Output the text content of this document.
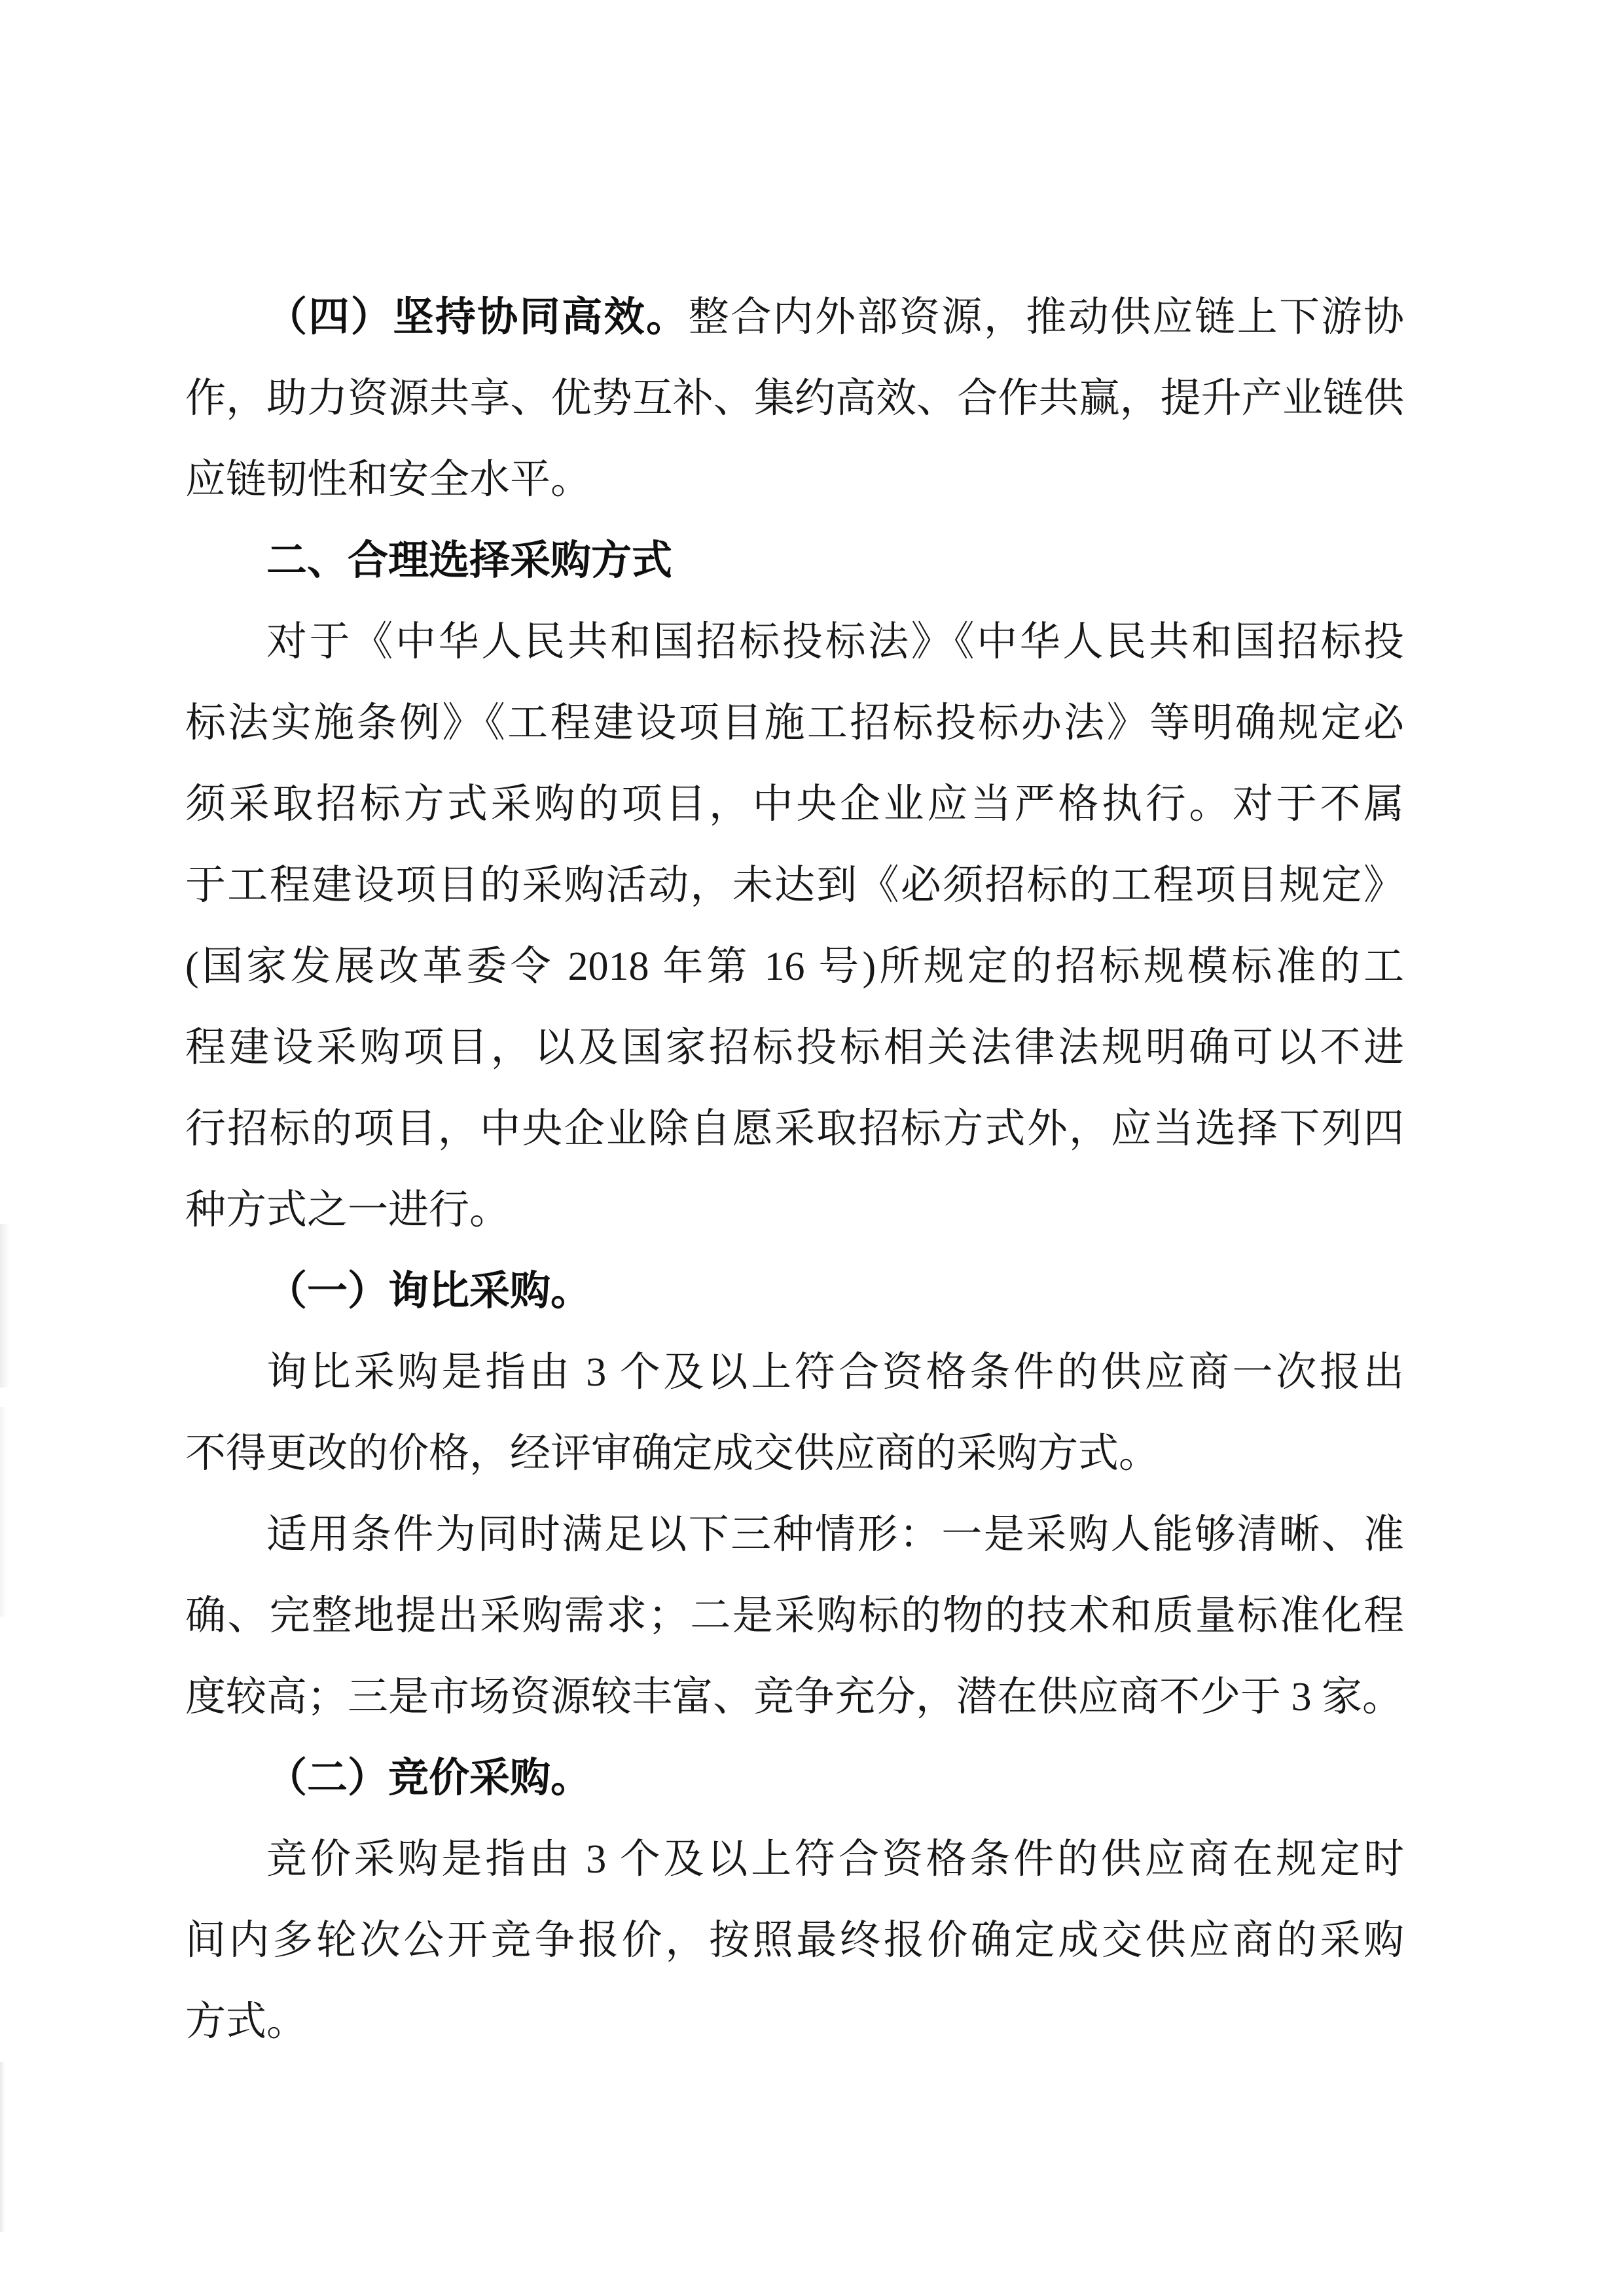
（四）坚持协同高效。整合内外部资源，推动供应链上下游协
作，助力资源共享、优势互补、集约高效、合作共赢，提升产业链供
应链韧性和安全水平。
二、合理选择采购方式
对于《中华人民共和国招标投标法》《中华人民共和国招标投
标法实施条例》《工程建设项目施工招标投标办法》等明确规定必
须采取招标方式采购的项目，中央企业应当严格执行。对于不属
于工程建设项目的采购活动，未达到《必须招标的工程项目规定》
(国家发展改革委令 2018 年第 16 号)所规定的招标规模标准的工
程建设采购项目，以及国家招标投标相关法律法规明确可以不进
行招标的项目，中央企业除自愿采取招标方式外，应当选择下列四
种方式之一进行。
（一）询比采购。
询比采购是指由 3 个及以上符合资格条件的供应商一次报出
不得更改的价格，经评审确定成交供应商的采购方式。
适用条件为同时满足以下三种情形：一是采购人能够清晰、准
确、完整地提出采购需求；二是采购标的物的技术和质量标准化程
度较高；三是市场资源较丰富、竞争充分，潜在供应商不少于 3 家。
（二）竞价采购。
竞价采购是指由 3 个及以上符合资格条件的供应商在规定时
间内多轮次公开竞争报价，按照最终报价确定成交供应商的采购
方式。
